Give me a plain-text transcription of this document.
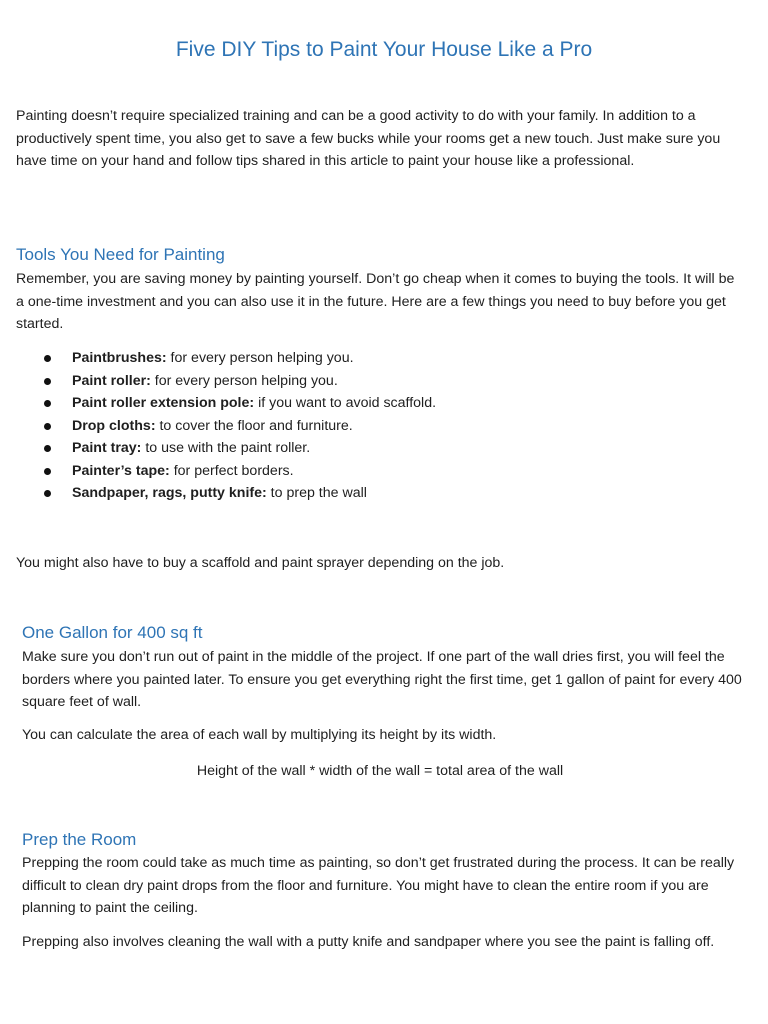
Five DIY Tips to Paint Your House Like a Pro

Painting doesn’t require specialized training and can be a good activity to do with your family. In addition to a productively spent time, you also get to save a few bucks while your rooms get a new touch. Just make sure you have time on your hand and follow tips shared in this article to paint your house like a professional.

Tools You Need for Painting

Remember, you are saving money by painting yourself. Don’t go cheap when it comes to buying the tools. It will be a one-time investment and you can also use it in the future. Here are a few things you need to buy before you get started.

Paintbrushes: for every person helping you.
Paint roller: for every person helping you.
Paint roller extension pole: if you want to avoid scaffold.
Drop cloths: to cover the floor and furniture.
Paint tray: to use with the paint roller.
Painter’s tape: for perfect borders.
Sandpaper, rags, putty knife: to prep the wall

You might also have to buy a scaffold and paint sprayer depending on the job.

One Gallon for 400 sq ft

Make sure you don’t run out of paint in the middle of the project. If one part of the wall dries first, you will feel the borders where you painted later. To ensure you get everything right the first time, get 1 gallon of paint for every 400 square feet of wall.

You can calculate the area of each wall by multiplying its height by its width.

Height of the wall * width of the wall = total area of the wall

Prep the Room

Prepping the room could take as much time as painting, so don’t get frustrated during the process. It can be really difficult to clean dry paint drops from the floor and furniture. You might have to clean the entire room if you are planning to paint the ceiling.

Prepping also involves cleaning the wall with a putty knife and sandpaper where you see the paint is falling off.
